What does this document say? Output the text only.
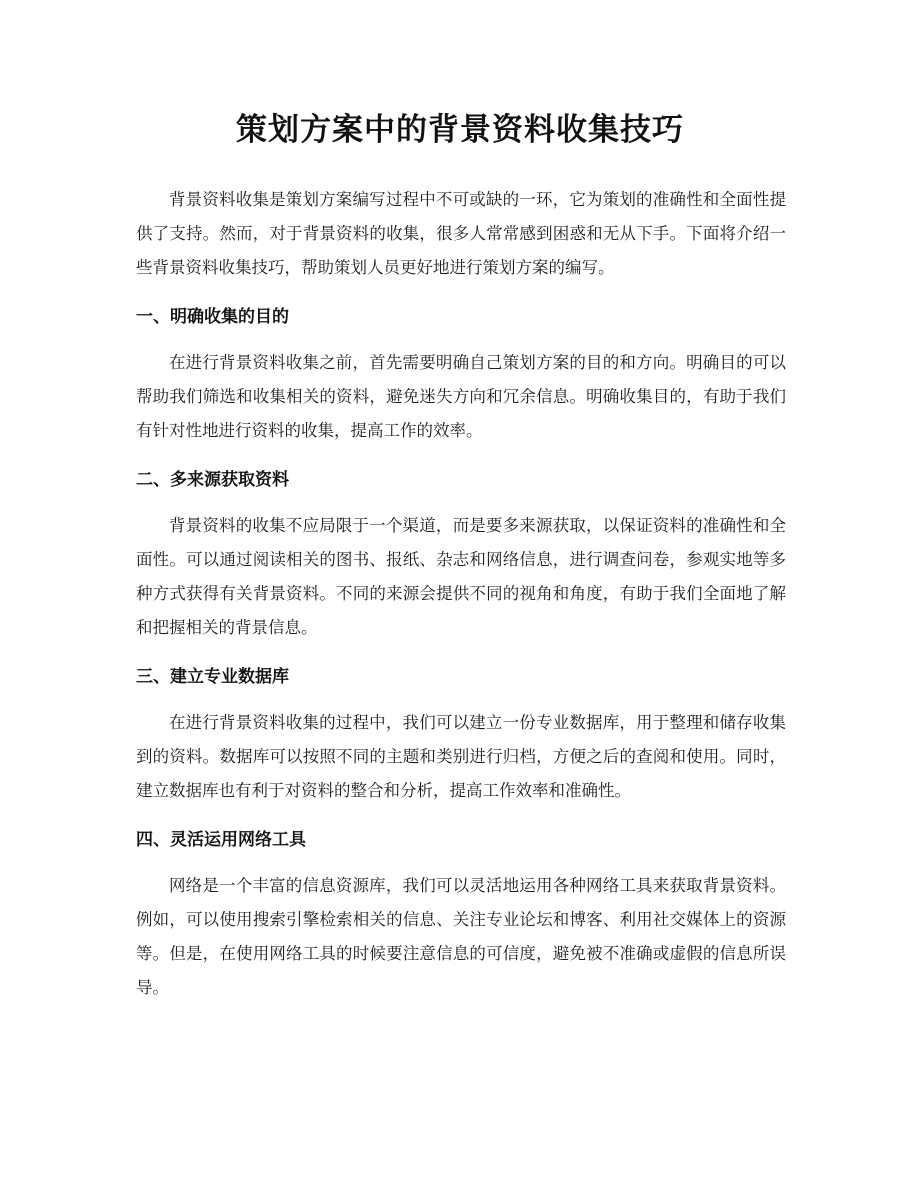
策划方案中的背景资料收集技巧

背景资料收集是策划方案编写过程中不可或缺的一环，它为策划的准确性和全面性提供了支持。然而，对于背景资料的收集，很多人常常感到困惑和无从下手。下面将介绍一些背景资料收集技巧，帮助策划人员更好地进行策划方案的编写。

一、明确收集的目的

在进行背景资料收集之前，首先需要明确自己策划方案的目的和方向。明确目的可以帮助我们筛选和收集相关的资料，避免迷失方向和冗余信息。明确收集目的，有助于我们有针对性地进行资料的收集，提高工作的效率。

二、多来源获取资料

背景资料的收集不应局限于一个渠道，而是要多来源获取，以保证资料的准确性和全面性。可以通过阅读相关的图书、报纸、杂志和网络信息，进行调查问卷，参观实地等多种方式获得有关背景资料。不同的来源会提供不同的视角和角度，有助于我们全面地了解和把握相关的背景信息。

三、建立专业数据库

在进行背景资料收集的过程中，我们可以建立一份专业数据库，用于整理和储存收集到的资料。数据库可以按照不同的主题和类别进行归档，方便之后的查阅和使用。同时，建立数据库也有利于对资料的整合和分析，提高工作效率和准确性。

四、灵活运用网络工具

网络是一个丰富的信息资源库，我们可以灵活地运用各种网络工具来获取背景资料。例如，可以使用搜索引擎检索相关的信息、关注专业论坛和博客、利用社交媒体上的资源等。但是，在使用网络工具的时候要注意信息的可信度，避免被不准确或虚假的信息所误导。
